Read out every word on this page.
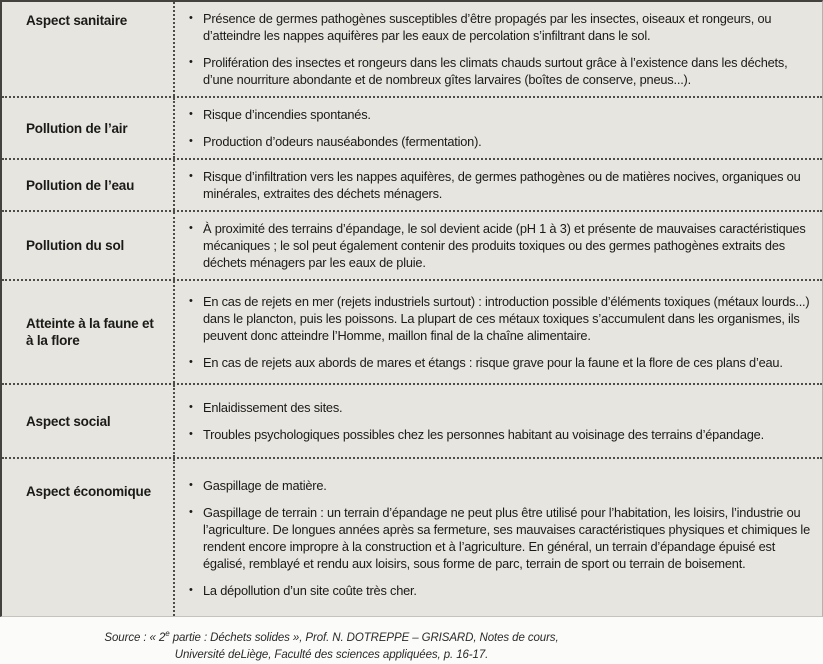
Aspect sanitaire	• Présence de germes pathogènes susceptibles d’être propagés par les insectes, oiseaux et rongeurs, ou d’atteindre les nappes aquifères par les eaux de percolation s’infiltrant dans le sol.
• Prolifération des insectes et rongeurs dans les climats chauds surtout grâce à l’existence dans les déchets, d’une nourriture abondante et de nombreux gîtes larvaires (boîtes de conserve, pneus...).
Pollution de l’air
• Risque d’incendies spontanés.
• Production d’odeurs nauséabondes (fermentation).
Pollution de l’eau
• Risque d’infiltration vers les nappes aquifères, de germes pathogènes ou de matières nocives, organiques ou minérales, extraites des déchets ménagers.
Pollution du sol
• À proximité des terrains d’épandage, le sol devient acide (pH 1 à 3) et présente de mauvaises caractéristiques mécaniques ; le sol peut également contenir des produits toxiques ou des germes pathogènes extraits des déchets ménagers par les eaux de pluie.
Atteinte à la faune et à la flore
• En cas de rejets en mer (rejets industriels surtout) : introduction possible d’éléments toxiques (métaux lourds...) dans le plancton, puis les poissons. La plupart de ces métaux toxiques s’accumulent dans les organismes, ils peuvent donc atteindre l’Homme, maillon final de la chaîne alimentaire.
• En cas de rejets aux abords de mares et étangs : risque grave pour la faune et la flore de ces plans d’eau.
Aspect social
• Enlaidissement des sites.
• Troubles psychologiques possibles chez les personnes habitant au voisinage des terrains d’épandage.
Aspect économique	• Gaspillage de matière.
• Gaspillage de terrain : un terrain d’épandage ne peut plus être utilisé pour l’habitation, les loisirs, l’industrie ou l’agriculture. De longues années après sa fermeture, ses mauvaises caractéristiques physiques et chimiques le rendent encore impropre à la construction et à l’agriculture. En général, un terrain d’épandage épuisé est égalisé, remblayé et rendu aux loisirs, sous forme de parc, terrain de sport ou terrain de boisement.
• La dépollution d’un site coûte très cher.
Source : « 2e partie : Déchets solides », Prof. N. DOTREPPE – GRISARD, Notes de cours,
Université deLiège, Faculté des sciences appliquées, p. 16-17.
